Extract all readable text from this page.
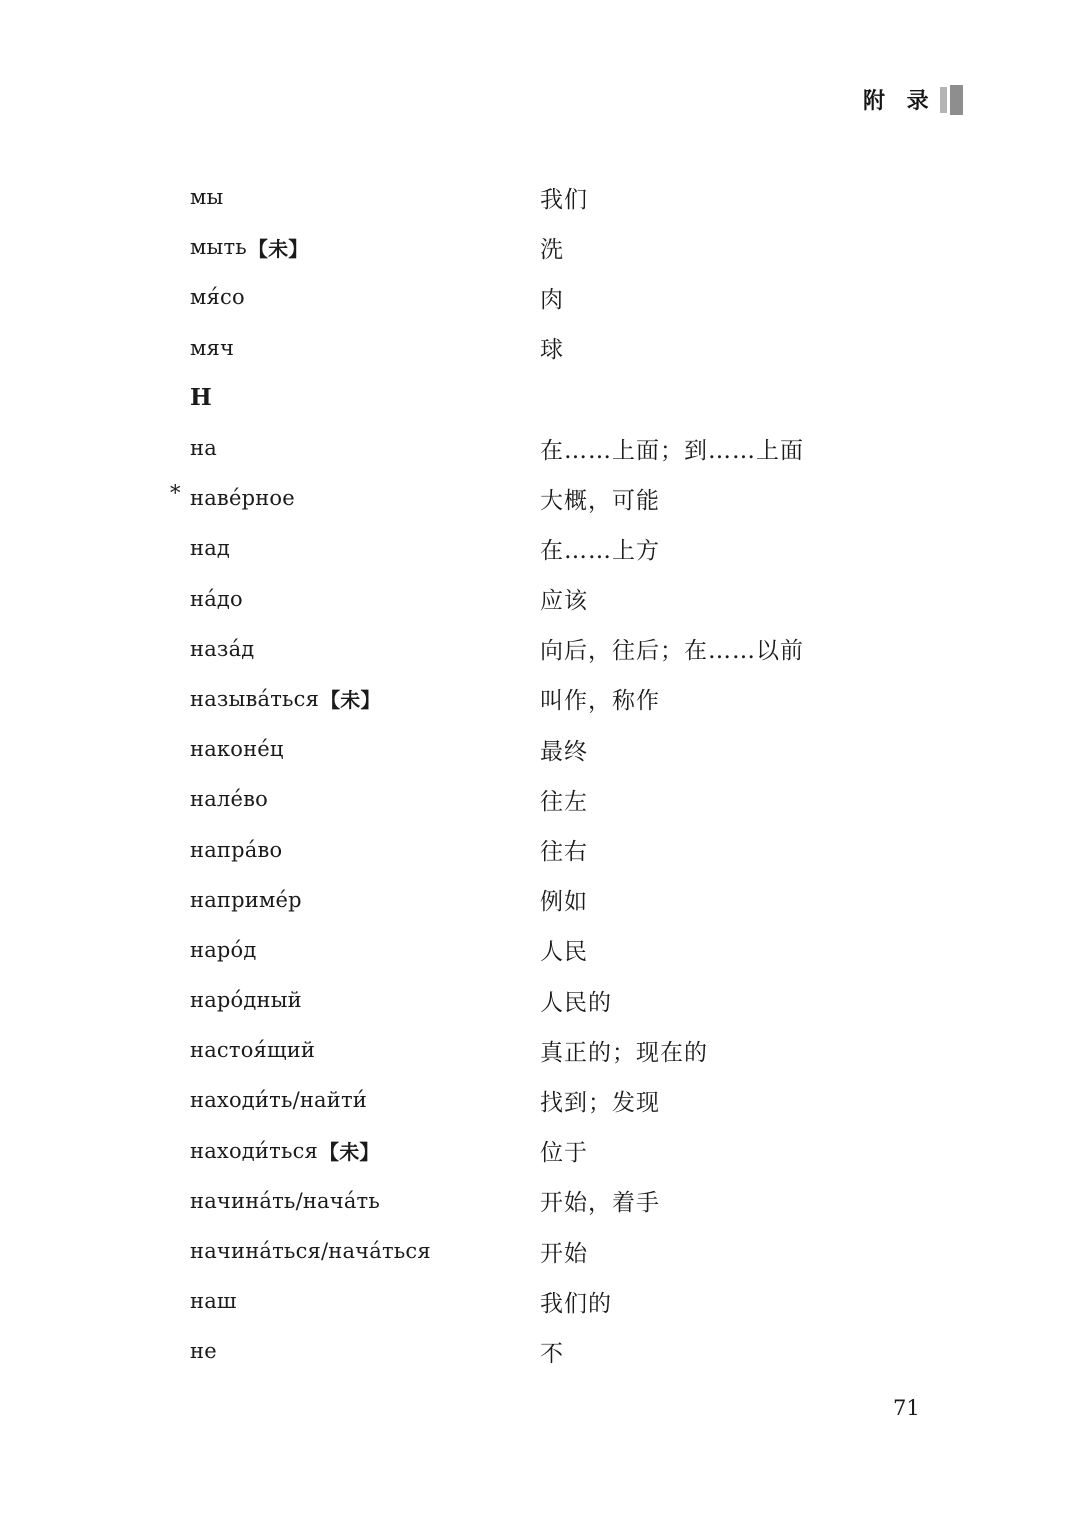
附 录
мы	我们
мыть 【未】	洗
мя́со	肉
мяч	球
Н
на	在……上面；到……上面
* наве́рное	大概，可能
над	在……上方
на́до	应该
наза́д	向后，往后；在……以前
называ́ться 【未】	叫作，称作
наконе́ц	最终
нале́во	往左
напра́во	往右
наприме́р	例如
наро́д	人民
наро́дный	人民的
настоя́щий	真正的；现在的
находи́ть/найти́	找到；发现
находи́ться 【未】	位于
начина́ть/нача́ть	开始，着手
начина́ться/нача́ться	开始
наш	我们的
не	不
71
